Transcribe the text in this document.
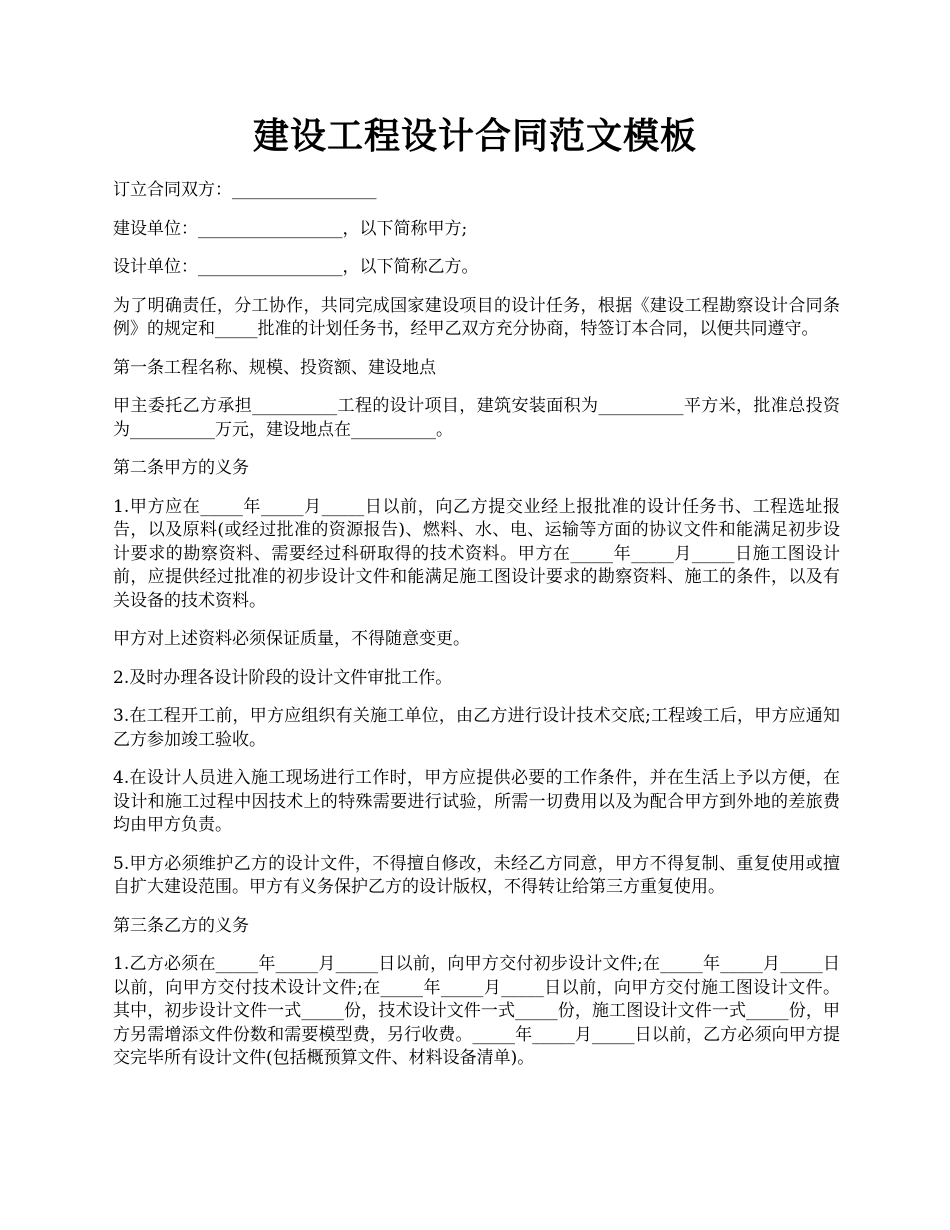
建设工程设计合同范文模板

订立合同双方：_________________

建设单位：_________________，以下简称甲方;

设计单位：_________________，以下简称乙方。

为了明确责任，分工协作，共同完成国家建设项目的设计任务，根据《建设工程勘察设计合同条例》的规定和_____批准的计划任务书，经甲乙双方充分协商，特签订本合同，以便共同遵守。

第一条工程名称、规模、投资额、建设地点

甲主委托乙方承担__________工程的设计项目，建筑安装面积为__________平方米，批准总投资为__________万元，建设地点在__________。

第二条甲方的义务

1.甲方应在_____年_____月_____日以前，向乙方提交业经上报批准的设计任务书、工程选址报告，以及原料(或经过批准的资源报告)、燃料、水、电、运输等方面的协议文件和能满足初步设计要求的勘察资料、需要经过科研取得的技术资料。甲方在_____年_____月_____日施工图设计前，应提供经过批准的初步设计文件和能满足施工图设计要求的勘察资料、施工的条件，以及有关设备的技术资料。

甲方对上述资料必须保证质量，不得随意变更。

2.及时办理各设计阶段的设计文件审批工作。

3.在工程开工前，甲方应组织有关施工单位，由乙方进行设计技术交底;工程竣工后，甲方应通知乙方参加竣工验收。

4.在设计人员进入施工现场进行工作时，甲方应提供必要的工作条件，并在生活上予以方便，在设计和施工过程中因技术上的特殊需要进行试验，所需一切费用以及为配合甲方到外地的差旅费均由甲方负责。

5.甲方必须维护乙方的设计文件，不得擅自修改，未经乙方同意，甲方不得复制、重复使用或擅自扩大建设范围。甲方有义务保护乙方的设计版权，不得转让给第三方重复使用。

第三条乙方的义务

1.乙方必须在_____年_____月_____日以前，向甲方交付初步设计文件;在_____年_____月_____日以前，向甲方交付技术设计文件;在_____年_____月_____日以前，向甲方交付施工图设计文件。其中，初步设计文件一式_____份，技术设计文件一式_____份，施工图设计文件一式_____份，甲方另需增添文件份数和需要模型费，另行收费。_____年_____月_____日以前，乙方必须向甲方提交完毕所有设计文件(包括概预算文件、材料设备清单)。
